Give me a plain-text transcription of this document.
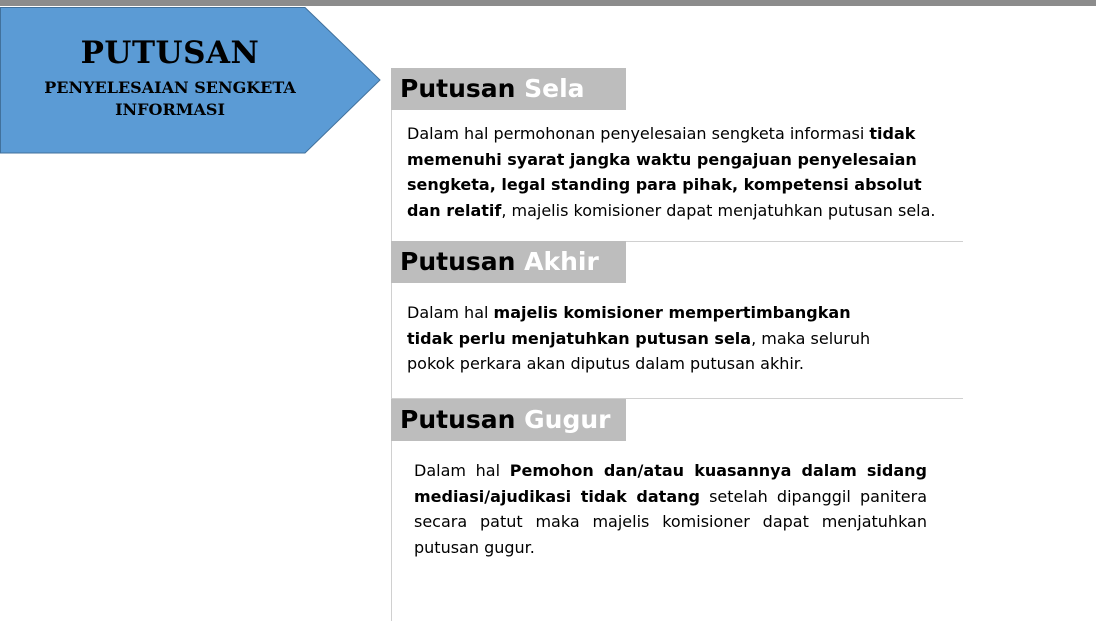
PUTUSAN
PENYELESAIAN SENGKETA
INFORMASI
Putusan Sela
Dalam hal permohonan penyelesaian sengketa informasi tidak memenuhi syarat jangka waktu pengajuan penyelesaian sengketa, legal standing para pihak, kompetensi absolut dan relatif, majelis komisioner dapat menjatuhkan putusan sela.
Putusan Akhir
Dalam hal majelis komisioner mempertimbangkan tidak perlu menjatuhkan putusan sela, maka seluruh pokok perkara akan diputus dalam putusan akhir.
Putusan Gugur
Dalam hal Pemohon dan/atau kuasannya dalam sidang mediasi/ajudikasi tidak datang setelah dipanggil panitera secara patut maka majelis komisioner dapat menjatuhkan putusan gugur.
